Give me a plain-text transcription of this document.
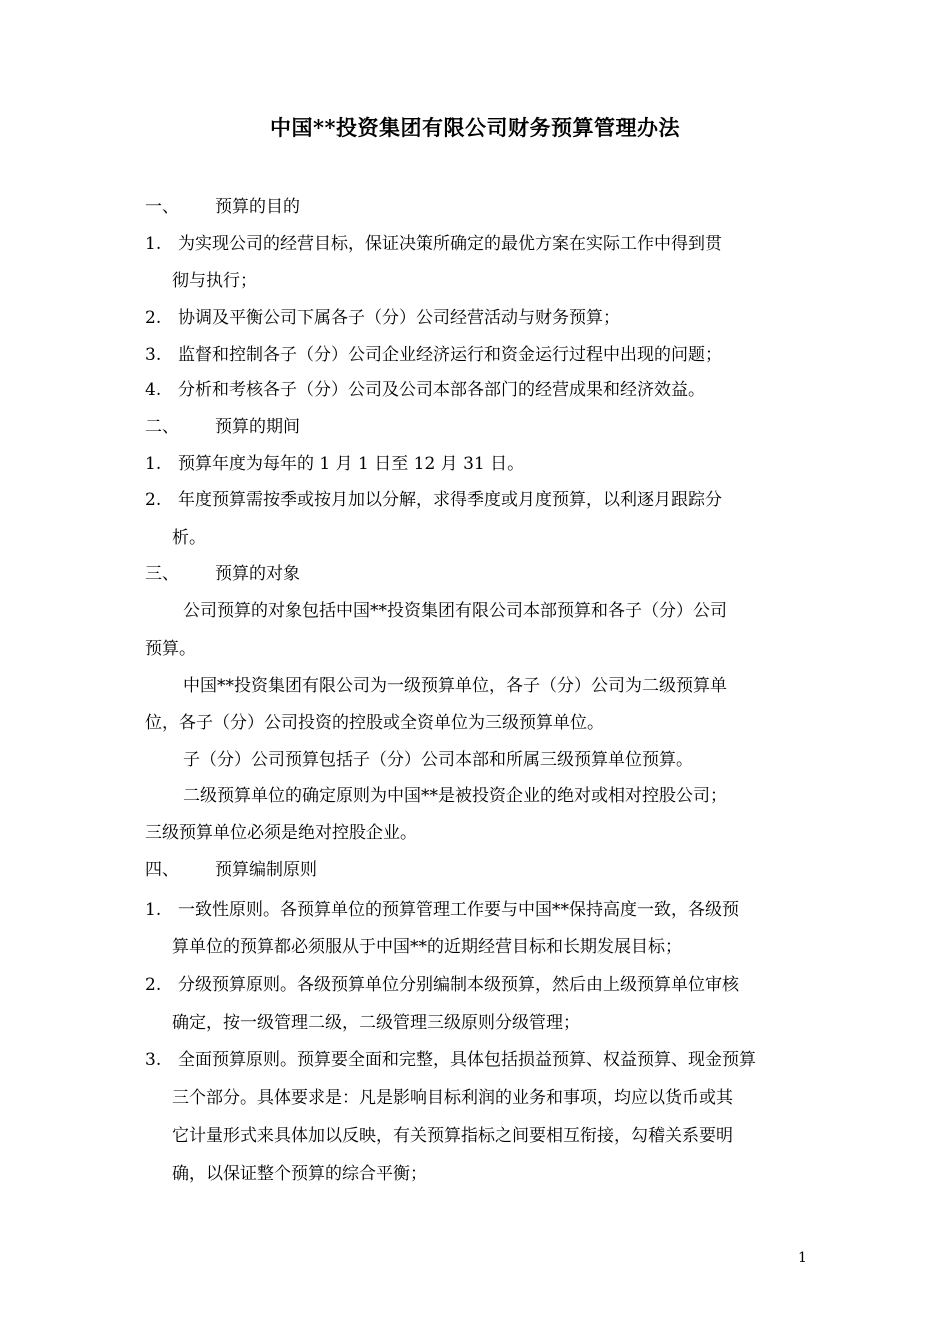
中国**投资集团有限公司财务预算管理办法
一、 预算的目的
1. 为实现公司的经营目标，保证决策所确定的最优方案在实际工作中得到贯
彻与执行；
2. 协调及平衡公司下属各子（分）公司经营活动与财务预算；
3. 监督和控制各子（分）公司企业经济运行和资金运行过程中出现的问题；
4. 分析和考核各子（分）公司及公司本部各部门的经营成果和经济效益。
二、 预算的期间
1. 预算年度为每年的 1 月 1 日至 12 月 31 日。
2. 年度预算需按季或按月加以分解，求得季度或月度预算，以利逐月跟踪分
析。
三、 预算的对象
公司预算的对象包括中国**投资集团有限公司本部预算和各子（分）公司
预算。
中国**投资集团有限公司为一级预算单位，各子（分）公司为二级预算单
位，各子（分）公司投资的控股或全资单位为三级预算单位。
子（分）公司预算包括子（分）公司本部和所属三级预算单位预算。
二级预算单位的确定原则为中国**是被投资企业的绝对或相对控股公司；
三级预算单位必须是绝对控股企业。
四、 预算编制原则
1. 一致性原则。各预算单位的预算管理工作要与中国**保持高度一致，各级预
算单位的预算都必须服从于中国**的近期经营目标和长期发展目标；
2. 分级预算原则。各级预算单位分别编制本级预算，然后由上级预算单位审核
确定，按一级管理二级，二级管理三级原则分级管理；
3. 全面预算原则。预算要全面和完整，具体包括损益预算、权益预算、现金预算
三个部分。具体要求是：凡是影响目标利润的业务和事项，均应以货币或其
它计量形式来具体加以反映，有关预算指标之间要相互衔接，勾稽关系要明
确，以保证整个预算的综合平衡；
1
